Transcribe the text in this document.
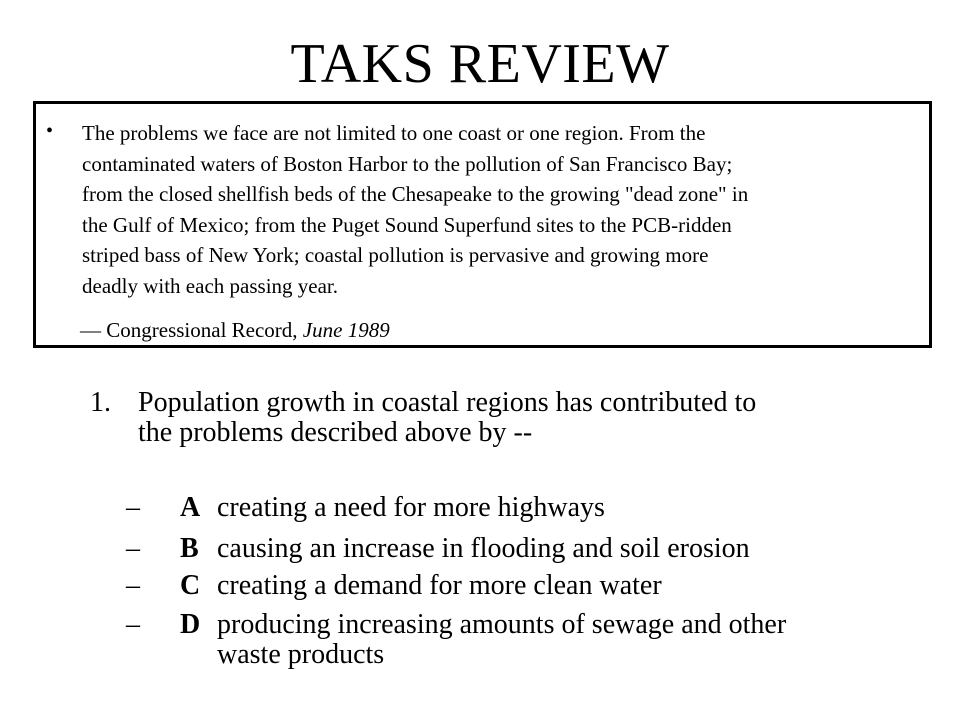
TAKS REVIEW
• The problems we face are not limited to one coast or one region. From the
contaminated waters of Boston Harbor to the pollution of San Francisco Bay;
from the closed shellfish beds of the Chesapeake to the growing "dead zone" in
the Gulf of Mexico; from the Puget Sound Superfund sites to the PCB-ridden
striped bass of New York; coastal pollution is pervasive and growing more
deadly with each passing year.
— Congressional Record, June 1989
1. Population growth in coastal regions has contributed to
the problems described above by --
– A creating a need for more highways
– B causing an increase in flooding and soil erosion
– C creating a demand for more clean water
– D producing increasing amounts of sewage and other
waste products
